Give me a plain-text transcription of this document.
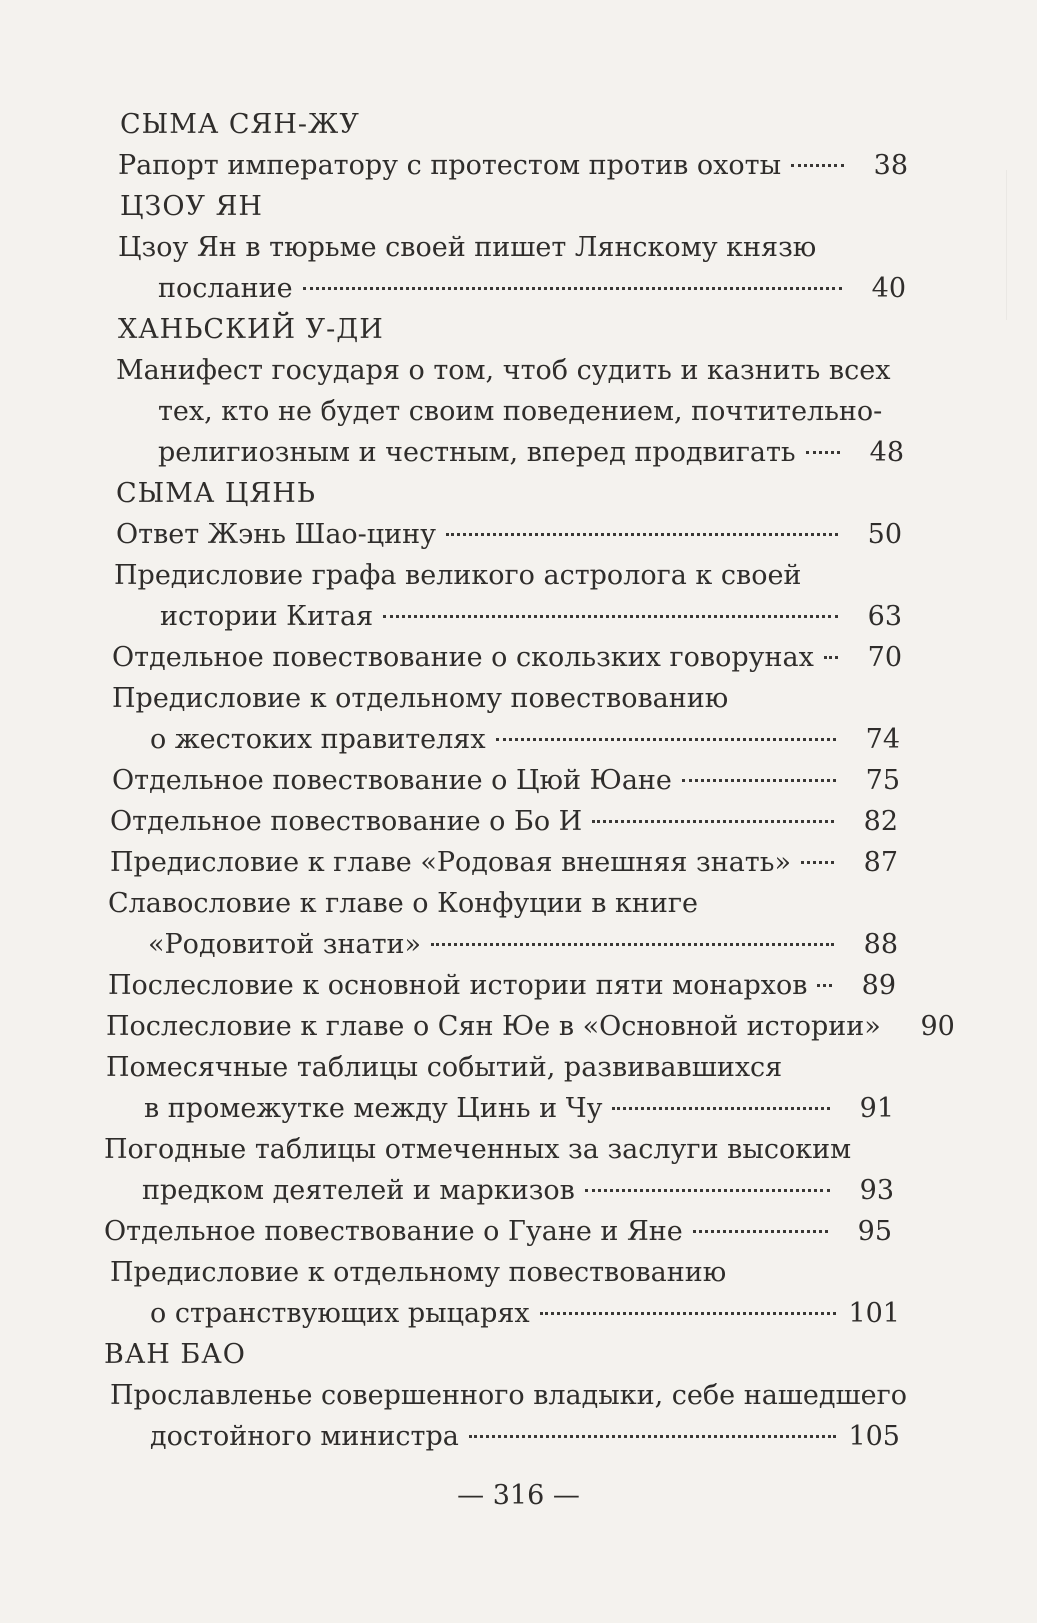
СЫМА СЯН-ЖУ
Рапорт императору с протестом против охоты	38
ЦЗОУ ЯН
Цзоу Ян в тюрьме своей пишет Лянскому князю
послание	40
ХАНЬСКИЙ У-ДИ
Манифест государя о том, чтоб судить и казнить всех
тех, кто не будет своим поведением, почтительно-
религиозным и честным, вперед продвигать	48
СЫМА ЦЯНЬ
Ответ Жэнь Шао-цину	50
Предисловие графа великого астролога к своей
истории Китая	63
Отдельное повествование о скользких говорунах	70
Предисловие к отдельному повествованию
о жестоких правителях	74
Отдельное повествование о Цюй Юане	75
Отдельное повествование о Бо И	82
Предисловие к главе «Родовая внешняя знать»	87
Славословие к главе о Конфуции в книге
«Родовитой знати»	88
Послесловие к основной истории пяти монархов	89
Послесловие к главе о Сян Юе в «Основной истории»	90
Помесячные таблицы событий, развивавшихся
в промежутке между Цинь и Чу	91
Погодные таблицы отмеченных за заслуги высоким
предком деятелей и маркизов	93
Отдельное повествование о Гуане и Яне	95
Предисловие к отдельному повествованию
о странствующих рыцарях	101
ВАН БАО
Прославленье совершенного владыки, себе нашедшего
достойного министра	105
— 316 —
